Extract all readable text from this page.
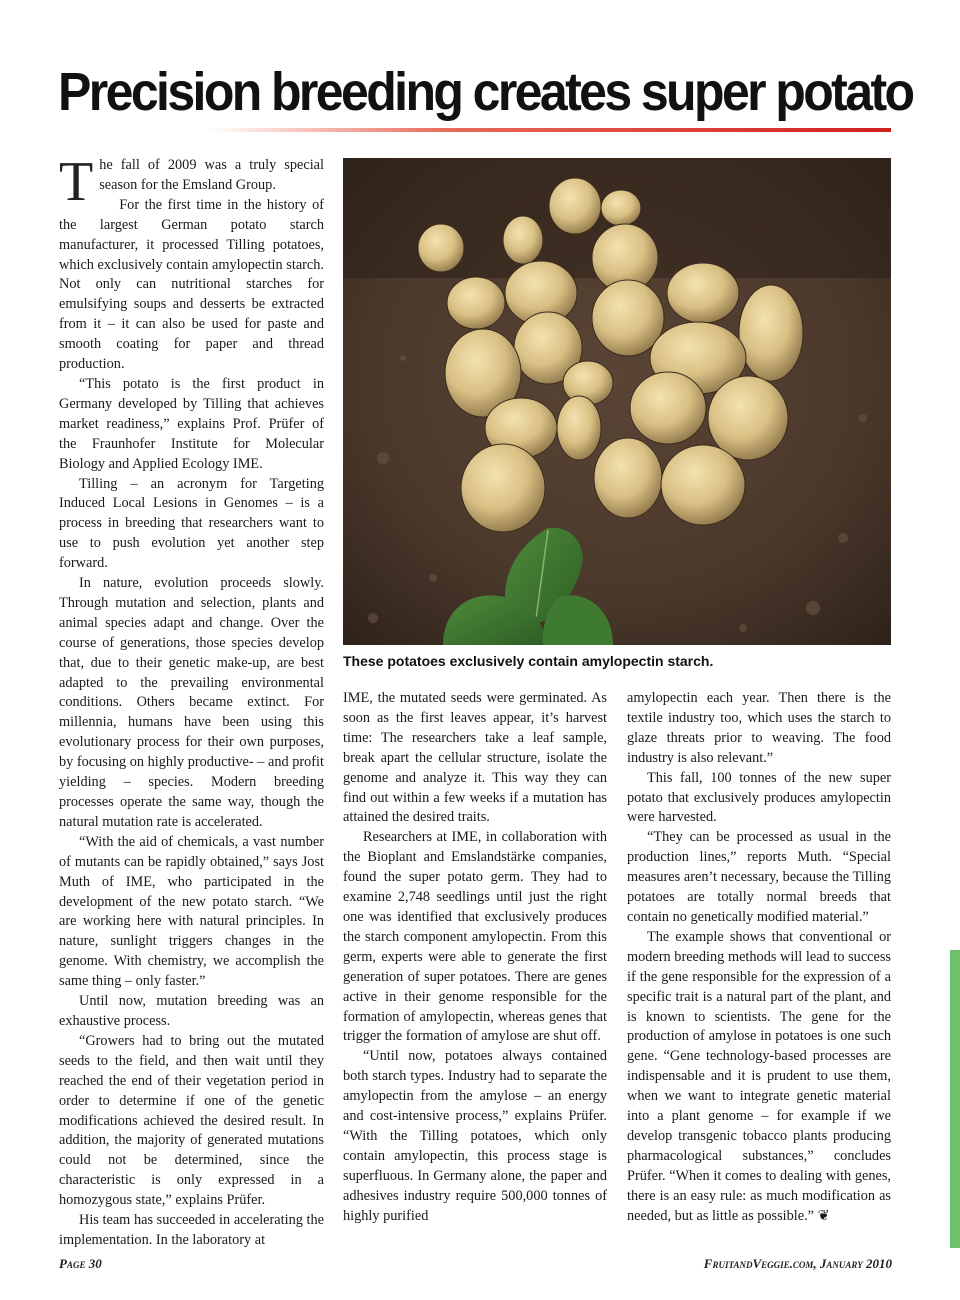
Precision breeding creates super potato

The fall of 2009 was a truly special season for the Emsland Group.

For the first time in the history of the largest German potato starch manufacturer, it processed Tilling potatoes, which exclusively contain amylopectin starch. Not only can nutritional starches for emulsifying soups and desserts be extracted from it – it can also be used for paste and smooth coating for paper and thread production.

“This potato is the first product in Germany developed by Tilling that achieves market readiness,” explains Prof. Prüfer of the Fraunhofer Institute for Molecular Biology and Applied Ecology IME.

Tilling – an acronym for Targeting Induced Local Lesions in Genomes – is a process in breeding that researchers want to use to push evolution yet another step forward.

In nature, evolution proceeds slowly. Through mutation and selection, plants and animal species adapt and change. Over the course of generations, those species develop that, due to their genetic make-up, are best adapted to the prevailing environmental conditions. Others became extinct. For millennia, humans have been using this evolutionary process for their own purposes, by focusing on highly productive- – and profit yielding – species. Modern breeding processes operate the same way, though the natural mutation rate is accelerated.

“With the aid of chemicals, a vast number of mutants can be rapidly obtained,” says Jost Muth of IME, who participated in the development of the new potato starch. “We are working here with natural principles. In nature, sunlight triggers changes in the genome. With chemistry, we accomplish the same thing – only faster.”

Until now, mutation breeding was an exhaustive process.

“Growers had to bring out the mutated seeds to the field, and then wait until they reached the end of their vegetation period in order to determine if one of the genetic modifications achieved the desired result. In addition, the majority of generated mutations could not be determined, since the characteristic is only expressed in a homozygous state,” explains Prüfer.

His team has succeeded in accelerating the implementation. In the laboratory at

These potatoes exclusively contain amylopectin starch.

IME, the mutated seeds were germinated. As soon as the first leaves appear, it’s harvest time: The researchers take a leaf sample, break apart the cellular structure, isolate the genome and analyze it. This way they can find out within a few weeks if a mutation has attained the desired traits.

Researchers at IME, in collaboration with the Bioplant and Emslandstärke companies, found the super potato germ. They had to examine 2,748 seedlings until just the right one was identified that exclusively produces the starch component amylopectin. From this germ, experts were able to generate the first generation of super potatoes. There are genes active in their genome responsible for the formation of amylopectin, whereas genes that trigger the formation of amylose are shut off.

“Until now, potatoes always contained both starch types. Industry had to separate the amylopectin from the amylose – an energy and cost-intensive process,” explains Prüfer. “With the Tilling potatoes, which only contain amylopectin, this process stage is superfluous. In Germany alone, the paper and adhesives industry require 500,000 tonnes of highly purified

amylopectin each year. Then there is the textile industry too, which uses the starch to glaze threats prior to weaving. The food industry is also relevant.”

This fall, 100 tonnes of the new super potato that exclusively produces amylopectin were harvested.

“They can be processed as usual in the production lines,” reports Muth. “Special measures aren’t necessary, because the Tilling potatoes are totally normal breeds that contain no genetically modified material.”

The example shows that conventional or modern breeding methods will lead to success if the gene responsible for the expression of a specific trait is a natural part of the plant, and is known to scientists. The gene for the production of amylose in potatoes is one such gene. “Gene technology-based processes are indispensable and it is prudent to use them, when we want to integrate genetic material into a plant genome – for example if we develop transgenic tobacco plants producing pharmacological substances,” concludes Prüfer. “When it comes to dealing with genes, there is an easy rule: as much modification as needed, but as little as possible.” ❦

Page 30	FruitandVeggie.com, January 2010
